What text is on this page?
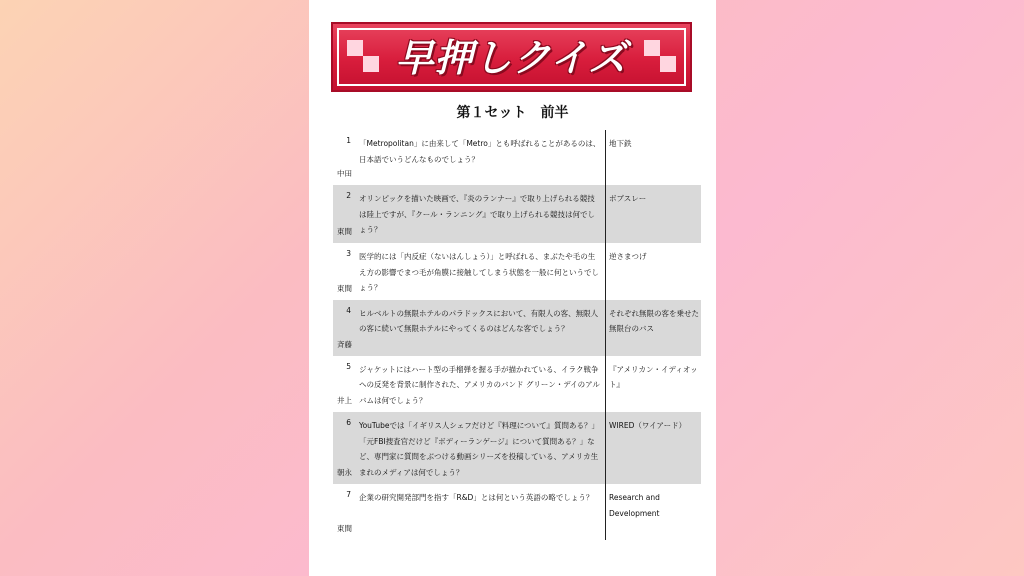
早押しクイズ
第１セット　前半
1
中田	「Metropolitan」に由来して「Metro」とも呼ばれることがあるのは、日本語でいうどんなものでしょう？	地下鉄

2
東間	オリンピックを描いた映画で、『炎のランナー』で取り上げられる競技は陸上ですが、『クール・ランニング』で取り上げられる競技は何でしょう？	ボブスレー

3
東間	医学的には「内反症（ないはんしょう）」と呼ばれる、まぶたや毛の生え方の影響でまつ毛が角膜に接触してしまう状態を一般に何というでしょう？	逆さまつげ

4
斉藤	ヒルベルトの無限ホテルのパラドックスにおいて、有限人の客、無限人の客に続いて無限ホテルにやってくるのはどんな客でしょう？	それぞれ無限の客を乗せた無限台のバス

5
井上	ジャケットにはハート型の手榴弾を握る手が描かれている、イラク戦争への反発を背景に制作された、アメリカのバンド グリーン・デイのアルバムは何でしょう？	『アメリカン・イディオット』

6
朝永	YouTubeでは「イギリス人シェフだけど『料理について』質問ある？」「元FBI捜査官だけど『ボディーランゲージ』について質問ある？」など、専門家に質問をぶつける動画シリーズを投稿している、アメリカ生まれのメディアは何でしょう？	WIRED（ワイアード）

7
東間	企業の研究開発部門を指す「R&D」とは何という英語の略でしょう？	Research and Development
